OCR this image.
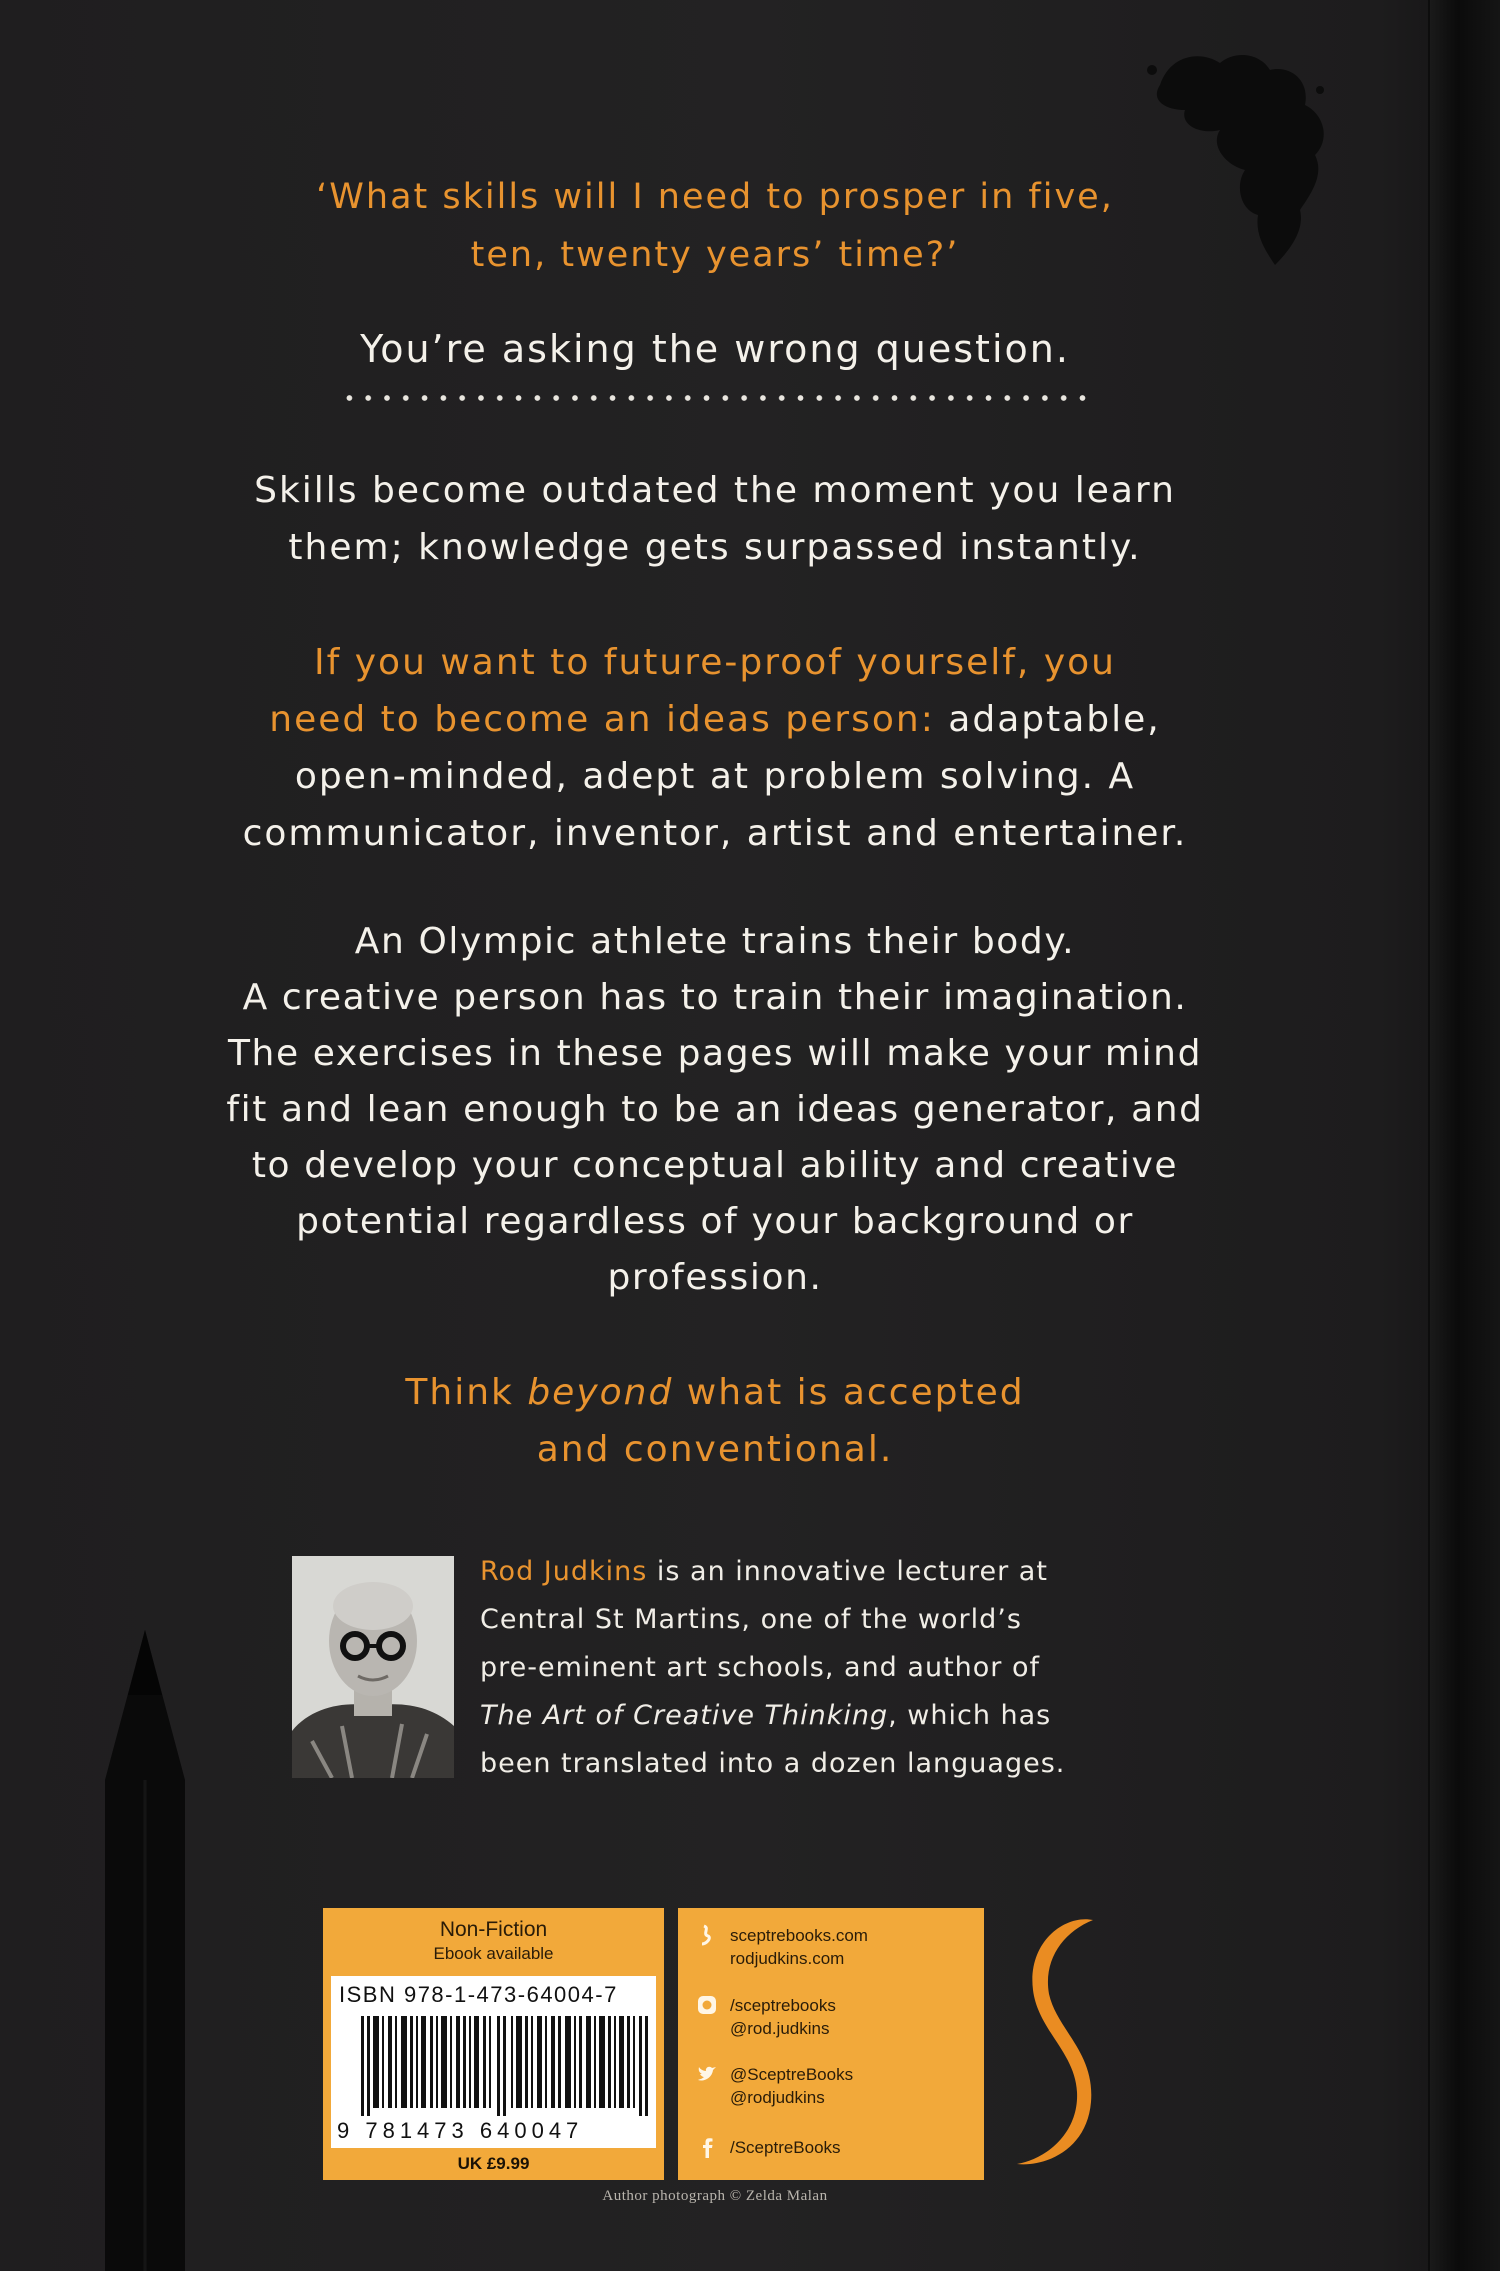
‘What skills will I need to prosper in five,
ten, twenty years’ time?’
You’re asking the wrong question.
Skills become outdated the moment you learn
them; knowledge gets surpassed instantly.
If you want to future-proof yourself, you
need to become an ideas person: adaptable,
open-minded, adept at problem solving. A
communicator, inventor, artist and entertainer.
An Olympic athlete trains their body.
A creative person has to train their imagination.
The exercises in these pages will make your mind
fit and lean enough to be an ideas generator, and
to develop your conceptual ability and creative
potential regardless of your background or
profession.
Think beyond what is accepted
and conventional.
Rod Judkins is an innovative lecturer at
Central St Martins, one of the world’s
pre-eminent art schools, and author of
The Art of Creative Thinking, which has
been translated into a dozen languages.
Non-Fiction
Ebook available
ISBN 978-1-473-64004-7
9 781473 640047
UK £9.99
sceptrebooks.com
rodjudkins.com
/sceptrebooks
@rod.judkins
@SceptreBooks
@rodjudkins
/SceptreBooks
Author photograph © Zelda Malan
